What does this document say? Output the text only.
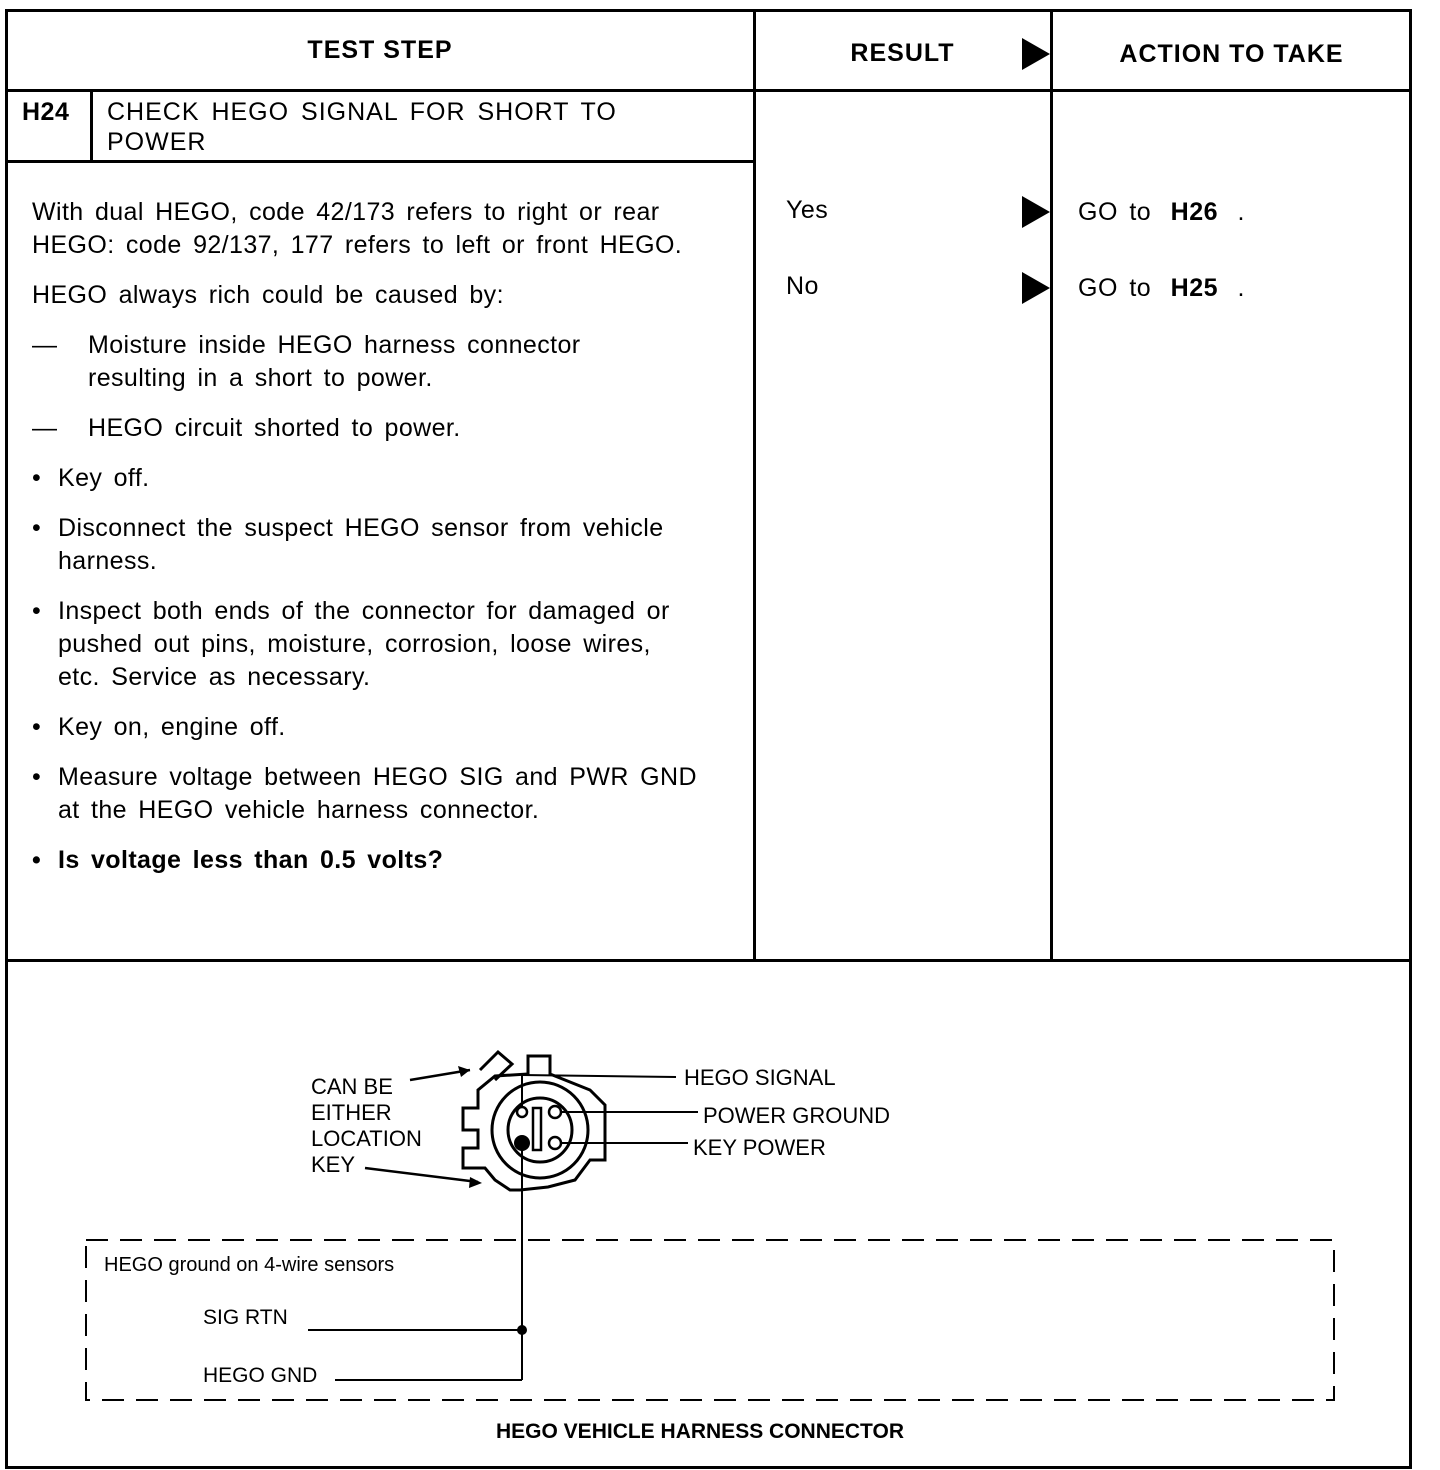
TEST STEP	RESULT	ACTION TO TAKE
H24 CHECK HEGO SIGNAL FOR SHORT TO
POWER
With dual HEGO, code 42/173 refers to right or rear HEGO: code 92/137, 177 refers to left or front HEGO.
HEGO always rich could be caused by:
— Moisture inside HEGO harness connector resulting in a short to power.
— HEGO circuit shorted to power.
• Key off.
• Disconnect the suspect HEGO sensor from vehicle harness.
• Inspect both ends of the connector for damaged or pushed out pins, moisture, corrosion, loose wires, etc. Service as necessary.
• Key on, engine off.
• Measure voltage between HEGO SIG and PWR GND at the HEGO vehicle harness connector.
• Is voltage less than 0.5 volts?
Yes	GO to H26 .
No	GO to H25 .
CAN BE
EITHER
LOCATION
KEY
HEGO SIGNAL
POWER GROUND
KEY POWER
HEGO ground on 4-wire sensors
SIG RTN
HEGO GND
HEGO VEHICLE HARNESS CONNECTOR
